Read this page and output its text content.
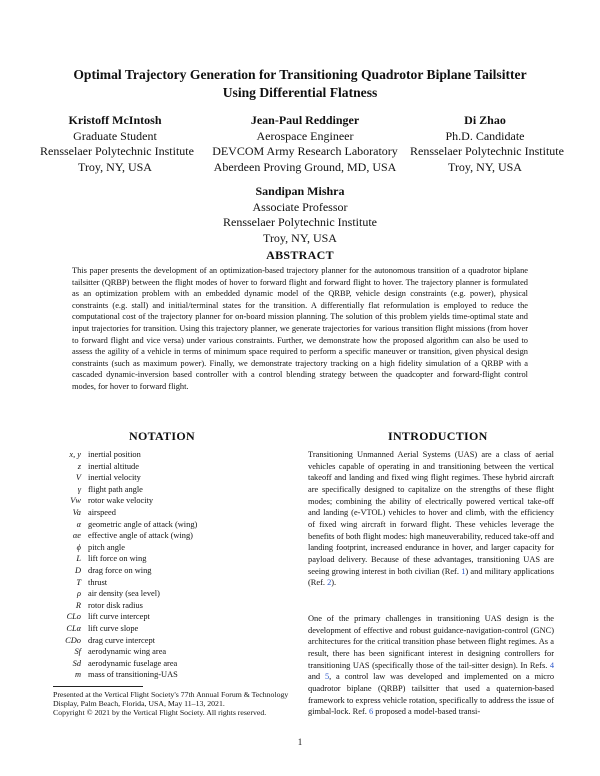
Optimal Trajectory Generation for Transitioning Quadrotor Biplane Tailsitter
Using Differential Flatness
Kristoff McIntosh
Graduate Student
Rensselaer Polytechnic Institute
Troy, NY, USA
Jean-Paul Reddinger
Aerospace Engineer
DEVCOM Army Research Laboratory
Aberdeen Proving Ground, MD, USA
Di Zhao
Ph.D. Candidate
Rensselaer Polytechnic Institute
Troy, NY, USA
Sandipan Mishra
Associate Professor
Rensselaer Polytechnic Institute
Troy, NY, USA
ABSTRACT

This paper presents the development of an optimization-based trajectory planner for the autonomous transition of a quadrotor biplane tailsitter (QRBP) between the flight modes of hover to forward flight and forward flight to hover. The trajectory planner is formulated as an optimization problem with an embedded dynamic model of the QRBP, vehicle design constraints (e.g. power), physical constraints (e.g. stall) and initial/terminal states for the transition. A differentially flat reformulation is employed to reduce the computational cost of the trajectory planner for on-board mission planning. The solution of this problem yields time-optimal state and input trajectories for transition. Using this trajectory planner, we generate trajectories for various transition flight missions (from hover to forward flight and vice versa) under various constraints. Further, we demonstrate how the proposed algorithm can also be used to assess the agility of a vehicle in terms of minimum space required to perform a specific maneuver or transition, given physical design constraints (such as maximum power). Finally, we demonstrate trajectory tracking on a high fidelity simulation of a QRBP with a cascaded dynamic-inversion based controller with a control blending strategy between the quadcopter and forward-flight control modes, for hover to forward flight.

NOTATION	INTRODUCTION
x, y inertial position
z inertial altitude
V inertial velocity
γ flight path angle
Vw rotor wake velocity
Va airspeed
α geometric angle of attack (wing)
αe effective angle of attack (wing)
ϕ pitch angle
L lift force on wing
D drag force on wing
T thrust
ρ air density (sea level)
R rotor disk radius
CLo lift curve intercept
CLα lift curve slope
CDo drag curve intercept
Sf aerodynamic wing area
Sd aerodynamic fuselage area
m mass of transitioning-UAS

Transitioning Unmanned Aerial Systems (UAS) are a class of aerial vehicles capable of operating in and transitioning between the vertical takeoff and landing and fixed wing flight regimes. These hybrid aircraft are specifically designed to capitalize on the strengths of these flight modes; combining the ability of electrically powered vertical take-off and landing (e-VTOL) vehicles to hover and climb, with the efficiency of fixed wing aircraft in forward flight. These vehicles leverage the benefits of both flight modes: high maneuverability, reduced take-off and landing footprint, increased endurance in hover, and larger capacity for payload delivery. Because of these advantages, transitioning UAS are seeing growing interest in both civilian (Ref. 1) and military applications (Ref. 2).

One of the primary challenges in transitioning UAS design is the development of effective and robust guidance-navigation-control (GNC) architectures for the critical transition phase between flight regimes. As a result, there has been significant interest in designing controllers for transitioning UAS (specifically those of the tail-sitter design). In Refs. 4 and 5, a control law was developed and implemented on a micro quadrotor biplane (QRBP) tailsitter that used a quaternion-based framework to express vehicle rotation, specifically to address the issue of gimbal-lock. Ref. 6 proposed a model-based transi-

Presented at the Vertical Flight Society's 77th Annual Forum & Technology Display, Palm Beach, Florida, USA, May 11–13, 2021.
Copyright © 2021 by the Vertical Flight Society. All rights reserved.
1
